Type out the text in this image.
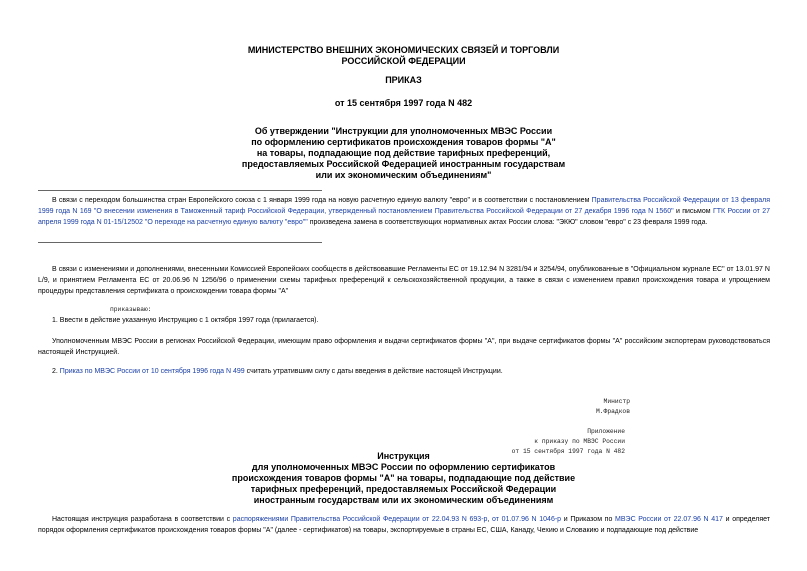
МИНИСТЕРСТВО ВНЕШНИХ ЭКОНОМИЧЕСКИХ СВЯЗЕЙ И ТОРГОВЛИ
РОССИЙСКОЙ ФЕДЕРАЦИИ
ПРИКАЗ
от 15 сентября 1997 года N 482
Об утверждении "Инструкции для уполномоченных МВЭС России
по оформлению сертификатов происхождения товаров формы "А"
на товары, подпадающие под действие тарифных преференций,
предоставляемых Российской Федерацией иностранным государствам
или их экономическим объединениям"
В связи с переходом большинства стран Европейского союза с 1 января 1999 года на новую расчетную единую валюту "евро" и в соответствии с постановлением Правительства Российской Федерации от 13 февраля 1999 года N 169 "О внесении изменения в Таможенный тариф Российской Федерации, утвержденный постановлением Правительства Российской Федерации от 27 декабря 1996 года N 1560" и письмом ГТК России от 27 апреля 1999 года N 01-15/12502 "О переходе на расчетную единую валюту "евро"" произведена замена в соответствующих нормативных актах России слова: "ЭКЮ" словом "евро" с 23 февраля 1999 года.
В связи с изменениями и дополнениями, внесенными Комиссией Европейских сообществ в действовавшие Регламенты ЕС от 19.12.94 N 3281/94 и 3254/94, опубликованные в "Официальном журнале ЕС" от 13.01.97 N L/9, и принятием Регламента ЕС от 20.06.96 N 1256/96 о применении схемы тарифных преференций к сельскохозяйственной продукции, а также в связи с изменением правил происхождения товара и упрощением процедуры представления сертификата о происхождении товара формы "А"
приказываю:
1. Ввести в действие указанную Инструкцию с 1 октября 1997 года (прилагается).
Уполномоченным МВЭС России в регионах Российской Федерации, имеющим право оформления и выдачи сертификатов формы "А", при выдаче сертификатов формы "А" российским экспортерам руководствоваться настоящей Инструкцией.
2. Приказ по МВЭС России от 10 сентября 1996 года N 499 считать утратившим силу с даты введения в действие настоящей Инструкции.
Министр
М.Фрадков
Приложение
к приказу по МВЭС России
от 15 сентября 1997 года N 482
Инструкция
для уполномоченных МВЭС России по оформлению сертификатов
происхождения товаров формы "А" на товары, подпадающие под действие
тарифных преференций, предоставляемых Российской Федерации
иностранным государствам или их экономическим объединениям
Настоящая инструкция разработана в соответствии с распоряжениями Правительства Российской Федерации от 22.04.93 N 693-р, от 01.07.96 N 1046-р и Приказом по МВЭС России от 22.07.96 N 417 и определяет порядок оформления сертификатов происхождения товаров формы "А" (далее - сертификатов) на товары, экспортируемые в страны ЕС, США, Канаду, Чехию и Словакию и подпадающие под действие
